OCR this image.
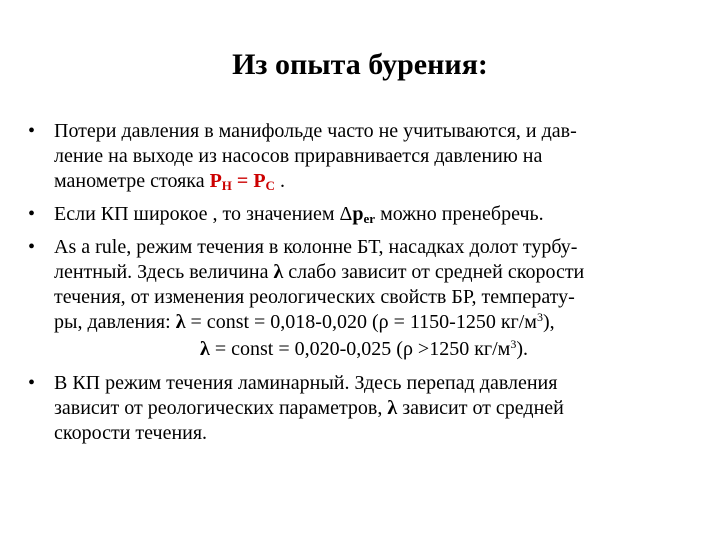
Из опыта бурения:
• Потери давления в манифольде часто не учитываются, и дав-
ление на выходе из насосов приравнивается давлению на
манометре стояка РН = РС .
• Если КП широкое , то значением Δper можно пренебречь.
• As a rule, режим течения в колонне БТ, насадках долот турбу-
лентный. Здесь величина λ слабо зависит от средней скорости
течения, от изменения реологических свойств БР, температу-
ры, давления: λ = const = 0,018-0,020 (ρ = 1150-1250 $кг/м^3$),
λ = const = 0,020-0,025 (ρ >1250 $кг/м^3$).
• В КП режим течения ламинарный. Здесь перепад давления
зависит от реологических параметров, λ зависит от средней
скорости течения.
